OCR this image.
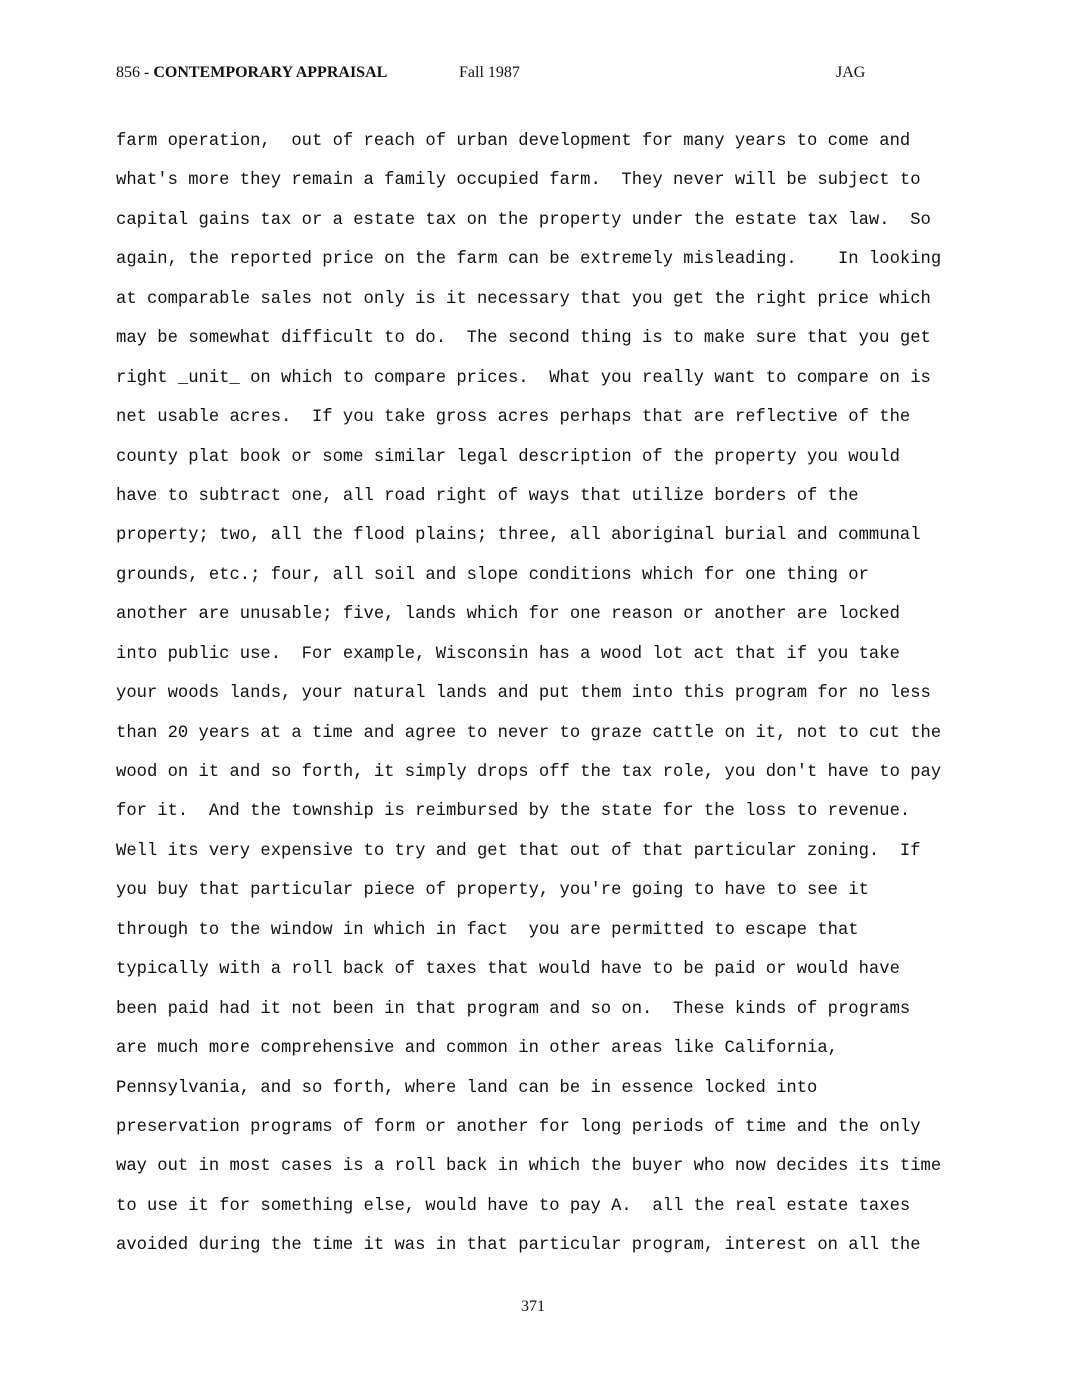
856 - CONTEMPORARY APPRAISAL	Fall 1987	JAG
farm operation,  out of reach of urban development for many years to come and
what's more they remain a family occupied farm.  They never will be subject to
capital gains tax or a estate tax on the property under the estate tax law.  So
again, the reported price on the farm can be extremely misleading.    In looking
at comparable sales not only is it necessary that you get the right price which
may be somewhat difficult to do.  The second thing is to make sure that you get
right _unit_ on which to compare prices.  What you really want to compare on is
net usable acres.  If you take gross acres perhaps that are reflective of the
county plat book or some similar legal description of the property you would
have to subtract one, all road right of ways that utilize borders of the
property; two, all the flood plains; three, all aboriginal burial and communal
grounds, etc.; four, all soil and slope conditions which for one thing or
another are unusable; five, lands which for one reason or another are locked
into public use.  For example, Wisconsin has a wood lot act that if you take
your woods lands, your natural lands and put them into this program for no less
than 20 years at a time and agree to never to graze cattle on it, not to cut the
wood on it and so forth, it simply drops off the tax role, you don't have to pay
for it.  And the township is reimbursed by the state for the loss to revenue.
Well its very expensive to try and get that out of that particular zoning.  If
you buy that particular piece of property, you're going to have to see it
through to the window in which in fact  you are permitted to escape that
typically with a roll back of taxes that would have to be paid or would have
been paid had it not been in that program and so on.  These kinds of programs
are much more comprehensive and common in other areas like California,
Pennsylvania, and so forth, where land can be in essence locked into
preservation programs of form or another for long periods of time and the only
way out in most cases is a roll back in which the buyer who now decides its time
to use it for something else, would have to pay A.  all the real estate taxes
avoided during the time it was in that particular program, interest on all the
371
